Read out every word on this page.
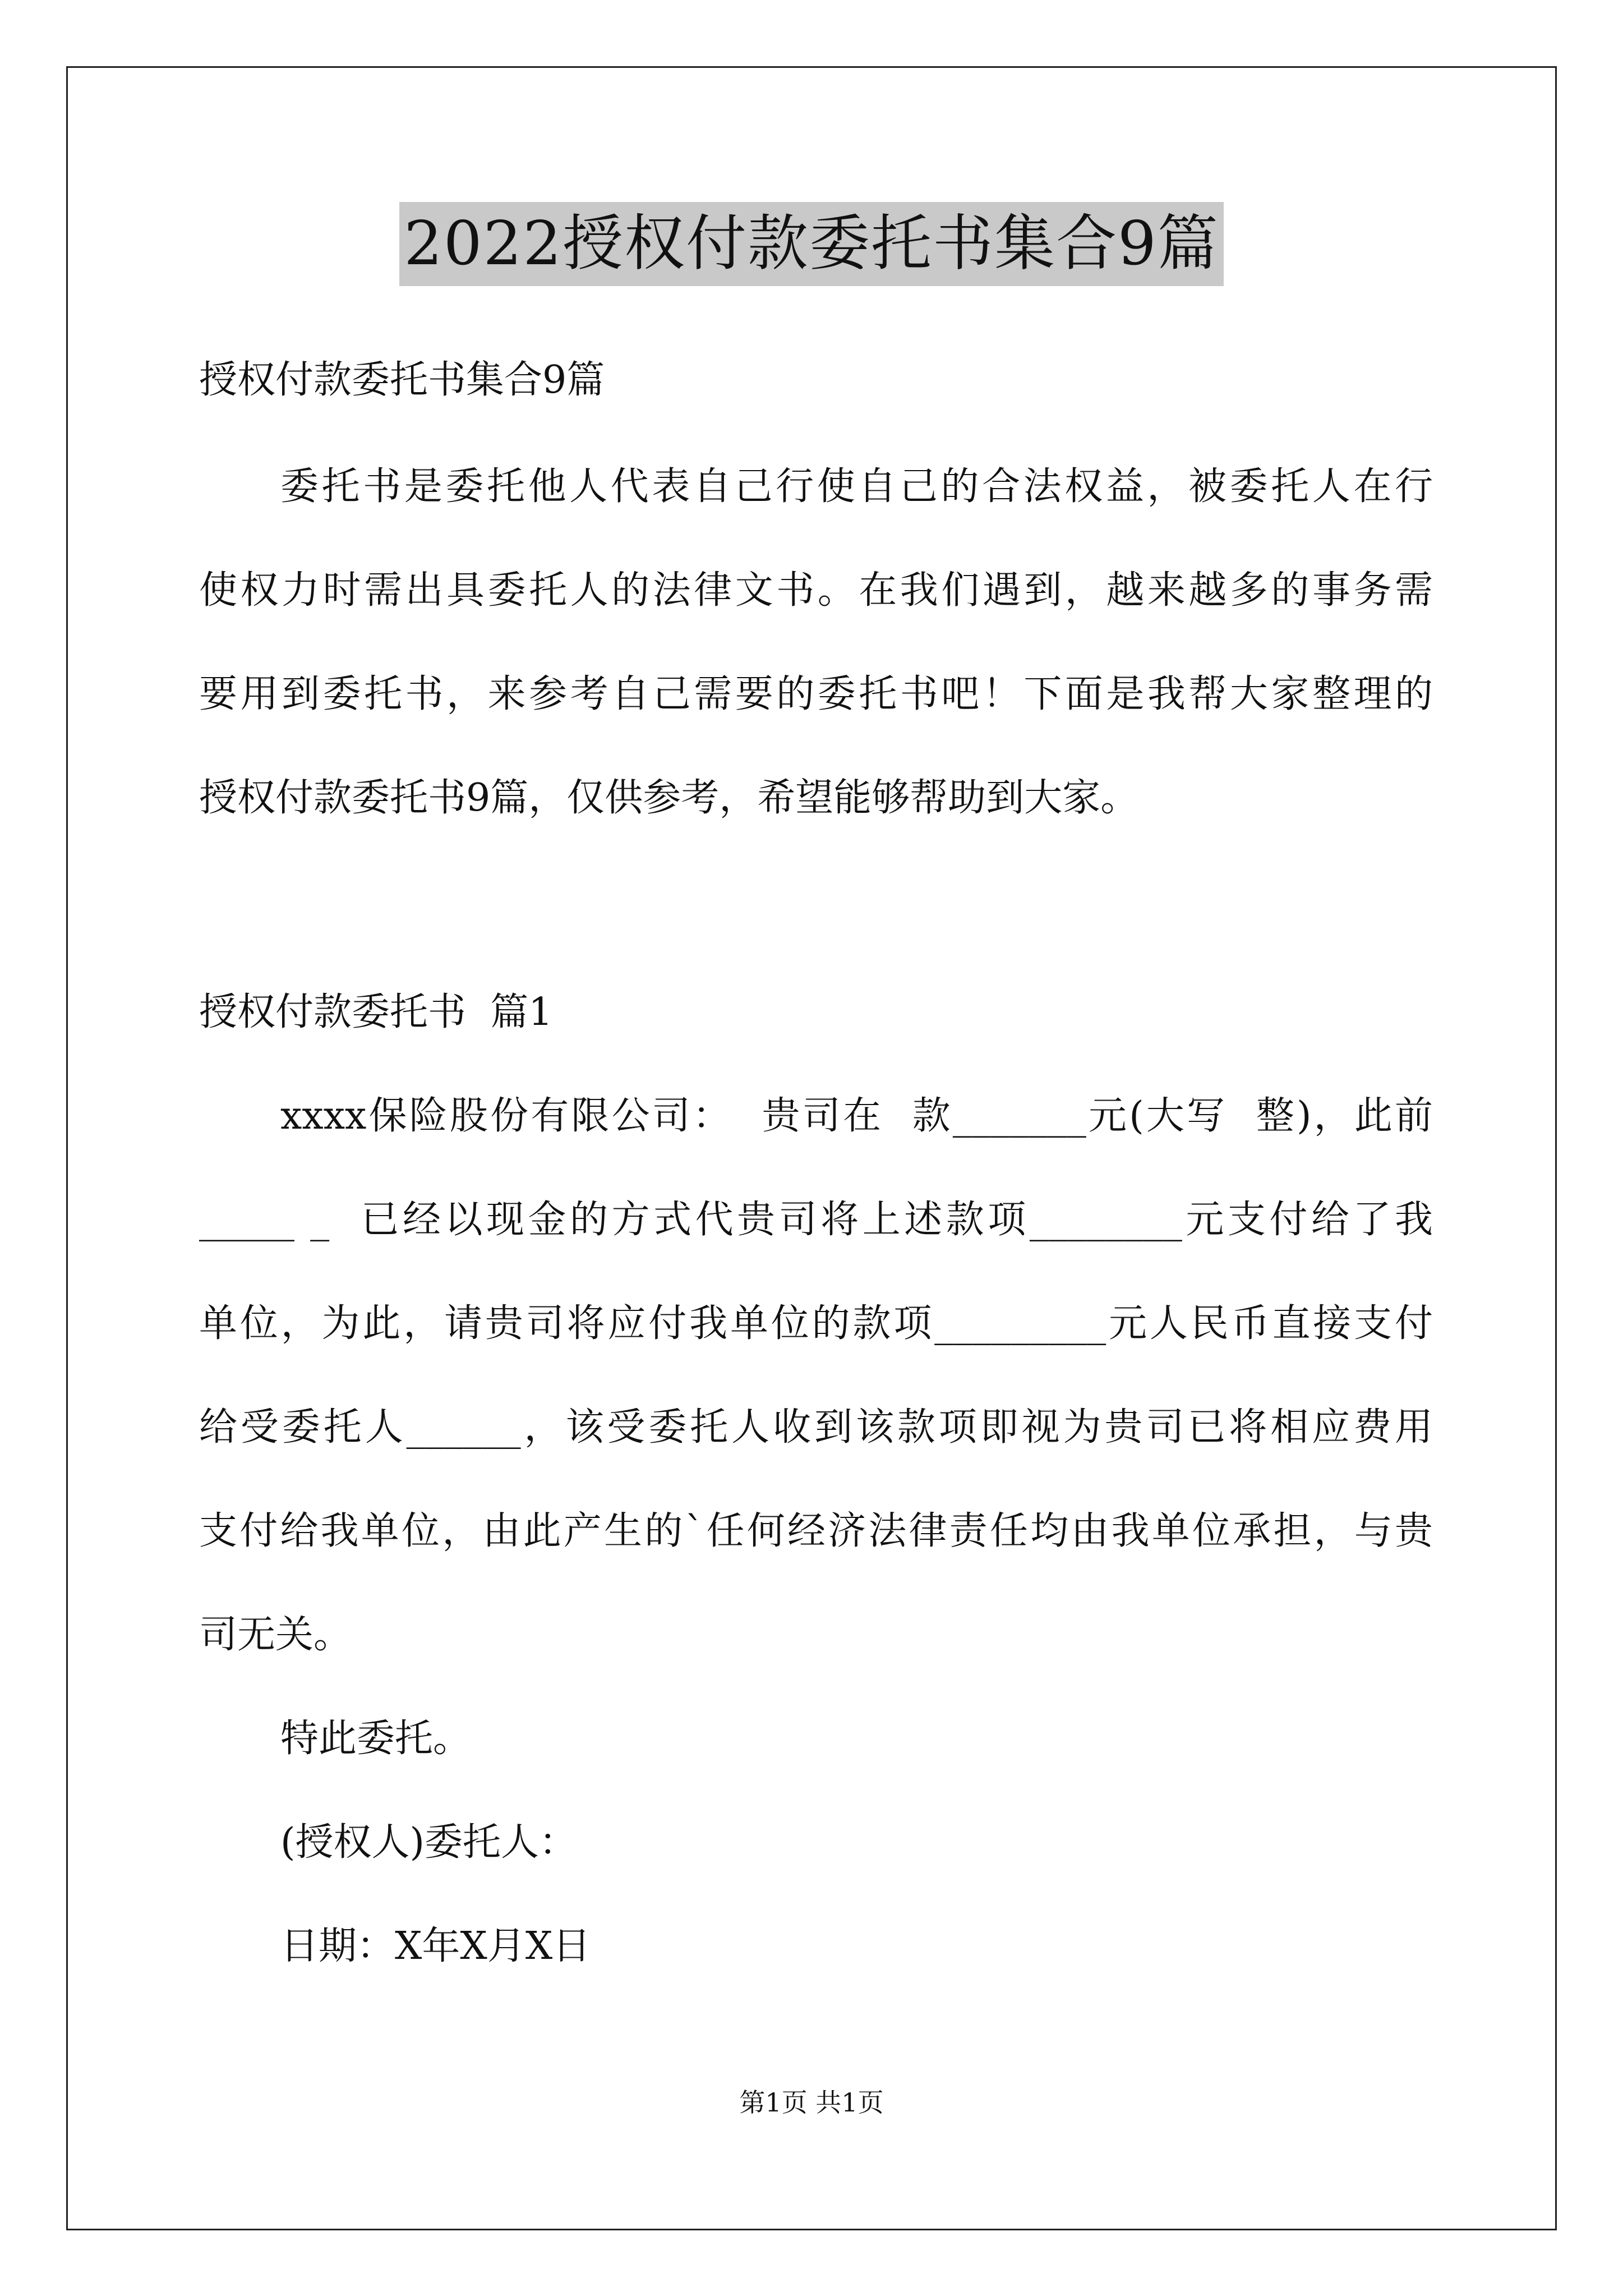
2022授权付款委托书集合9篇
授权付款委托书集合9篇
委托书是委托他人代表自己行使自己的合法权益，被委托人在行
使权力时需出具委托人的法律文书。在我们遇到，越来越多的事务需
要用到委托书，来参考自己需要的委托书吧！下面是我帮大家整理的
授权付款委托书9篇，仅供参考，希望能够帮助到大家。
授权付款委托书  篇1
xxxx保险股份有限公司：  贵司在  款_______元(大写  整)，此前
_____ _  已经以现金的方式代贵司将上述款项________元支付给了我
单位，为此，请贵司将应付我单位的款项_________元人民币直接支付
给受委托人______，该受委托人收到该款项即视为贵司已将相应费用
支付给我单位，由此产生的`任何经济法律责任均由我单位承担，与贵
司无关。
特此委托。
(授权人)委托人：
日期：X年X月X日
第1页 共1页
